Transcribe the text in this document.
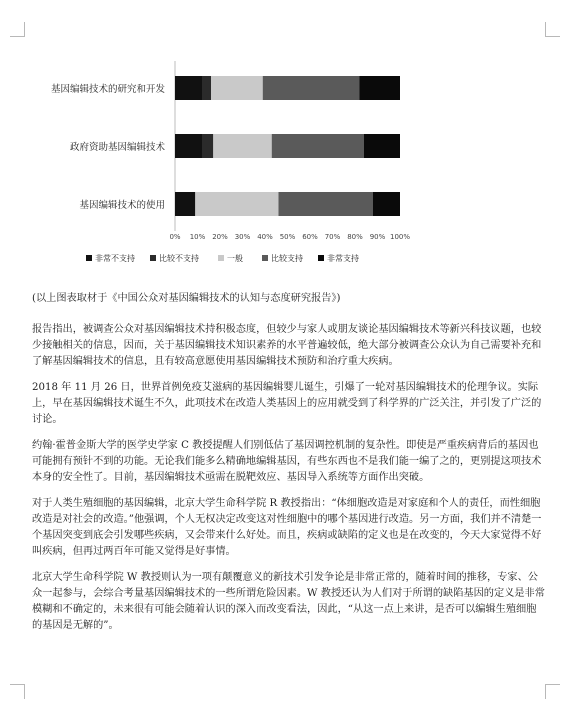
基因编辑技术的研究和开发
政府资助基因编辑技术
基因编辑技术的使用
0% 10% 20% 30% 40% 50% 60% 70% 80% 90% 100%
非常不支持	比较不支持	一般	比较支持	非常支持

(以上图表取材于《中国公众对基因编辑技术的认知与态度研究报告》)

报告指出，被调查公众对基因编辑技术持积极态度，但较少与家人或朋友谈论基因编辑技术等新兴科技议题，也较少接触相关的信息，因而，关于基因编辑技术知识素养的水平普遍较低，绝大部分被调查公众认为自己需要补充和了解基因编辑技术的信息，且有较高意愿使用基因编辑技术预防和治疗重大疾病。

2018 年 11 月 26 日，世界首例免疫艾滋病的基因编辑婴儿诞生，引爆了一轮对基因编辑技术的伦理争议。实际上，早在基因编辑技术诞生不久，此项技术在改造人类基因上的应用就受到了科学界的广泛关注，并引发了广泛的讨论。

约翰·霍普金斯大学的医学史学家 C 教授提醒人们别低估了基因调控机制的复杂性。即使是严重疾病背后的基因也可能拥有预针不到的功能。无论我们能多么精确地编辑基因，有些东西也不是我们能一编了之的，更别提这项技术本身的安全性了。目前，基因编辑技术亟需在脱靶效应、基因导入系统等方面作出突破。

对于人类生殖细胞的基因编辑，北京大学生命科学院 R 教授指出：“体细胞改造是对家庭和个人的责任，而性细胞改造是对社会的改造。”他强调，个人无权决定改变这对性细胞中的哪个基因进行改造。另一方面，我们并不清楚一个基因突变到底会引发哪些疾病，又会带来什么好处。而且，疾病或缺陷的定义也是在改变的，今天大家觉得不好叫疾病，但再过两百年可能又觉得是好事情。

北京大学生命科学院 W 教授则认为一项有颠覆意义的新技术引发争论是非常正常的，随着时间的推移，专家、公众一起参与，会综合考量基因编辑技术的一些所谓危险因素。W 教授还认为人们对于所谓的缺陷基因的定义是非常模糊和不确定的，未来很有可能会随着认识的深入而改变看法，因此，“从这一点上来讲，是否可以编辑生殖细胞的基因是无解的”。
